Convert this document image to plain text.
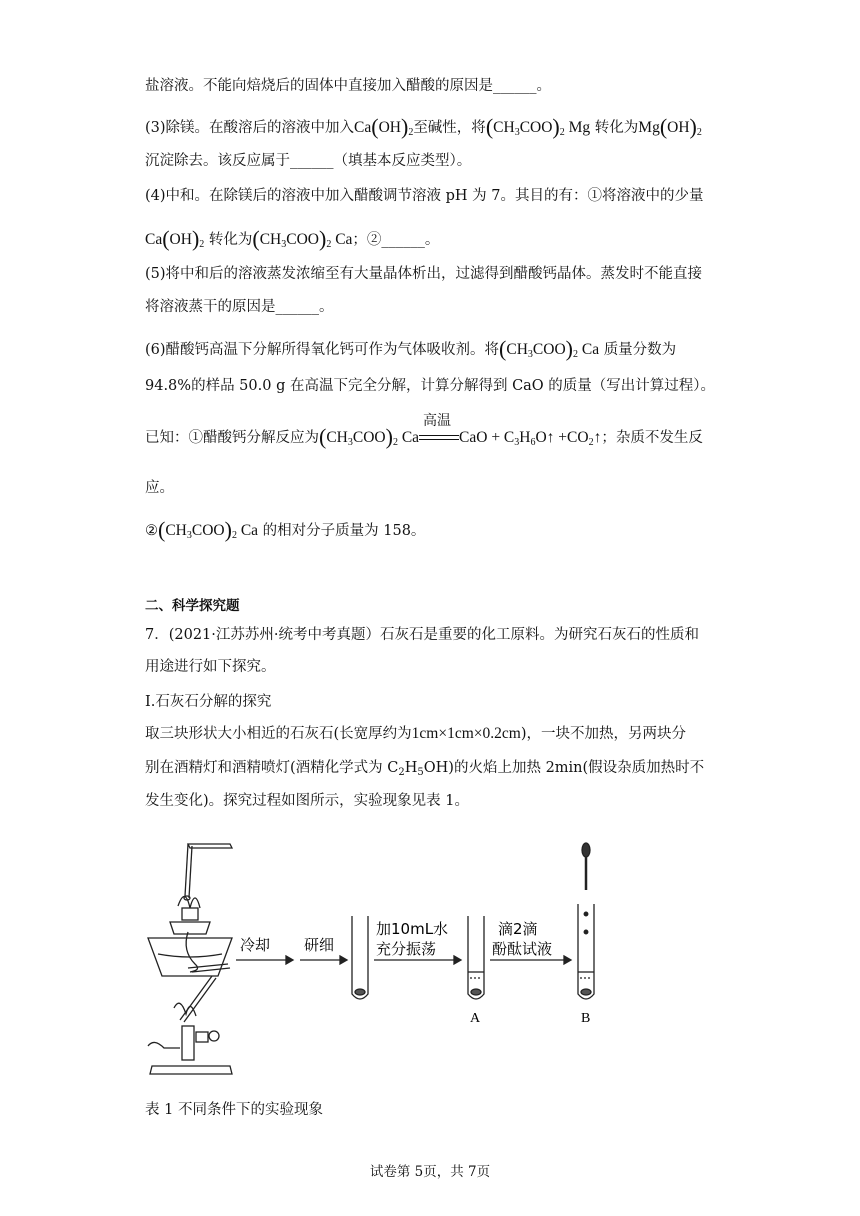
盐溶液。不能向焙烧后的固体中直接加入醋酸的原因是______。
(3)除镁。在酸溶后的溶液中加入$Ca(OH)_2$至碱性，将$(CH_3COO)_2$ Mg 转化为$Mg(OH)_2$
沉淀除去。该反应属于______（填基本反应类型）。
(4)中和。在除镁后的溶液中加入醋酸调节溶液 pH 为 7。其目的有：①将溶液中的少量
$Ca(OH)_2$ 转化为$(CH_3COO)_2$ Ca；②______。
(5)将中和后的溶液蒸发浓缩至有大量晶体析出，过滤得到醋酸钙晶体。蒸发时不能直接
将溶液蒸干的原因是______。
(6)醋酸钙高温下分解所得氧化钙可作为气体吸收剂。将$(CH_3COO)_2$ Ca 质量分数为
94.8%的样品 50.0 g 在高温下完全分解，计算分解得到 CaO 的质量（写出计算过程）。
已知：①醋酸钙分解反应为$(CH_3COO)_2$ Ca
高温
CaO + $C_3H_6O↑$ $+CO_2↑$；杂质不发生反
应。
$②(CH_3COO)_2$ Ca 的相对分子质量为 158。
二、科学探究题
7．(2021·江苏苏州·统考中考真题）石灰石是重要的化工原料。为研究石灰石的性质和
用途进行如下探究。
Ⅰ.石灰石分解的探究
取三块形状大小相近的石灰石(长宽厚约为1cm×1cm×0.2cm)，一块不加热，另两块分
别在酒精灯和酒精喷灯(酒精化学式为 $C_2H_5OH$)的火焰上加热 2min(假设杂质加热时不
发生变化)。探究过程如图所示，实验现象见表 1。
冷却 研细
加10mL水
充分振荡
滴2滴
酚酞试液
A	B
表 1 不同条件下的实验现象
试卷第 5页，共 7页
